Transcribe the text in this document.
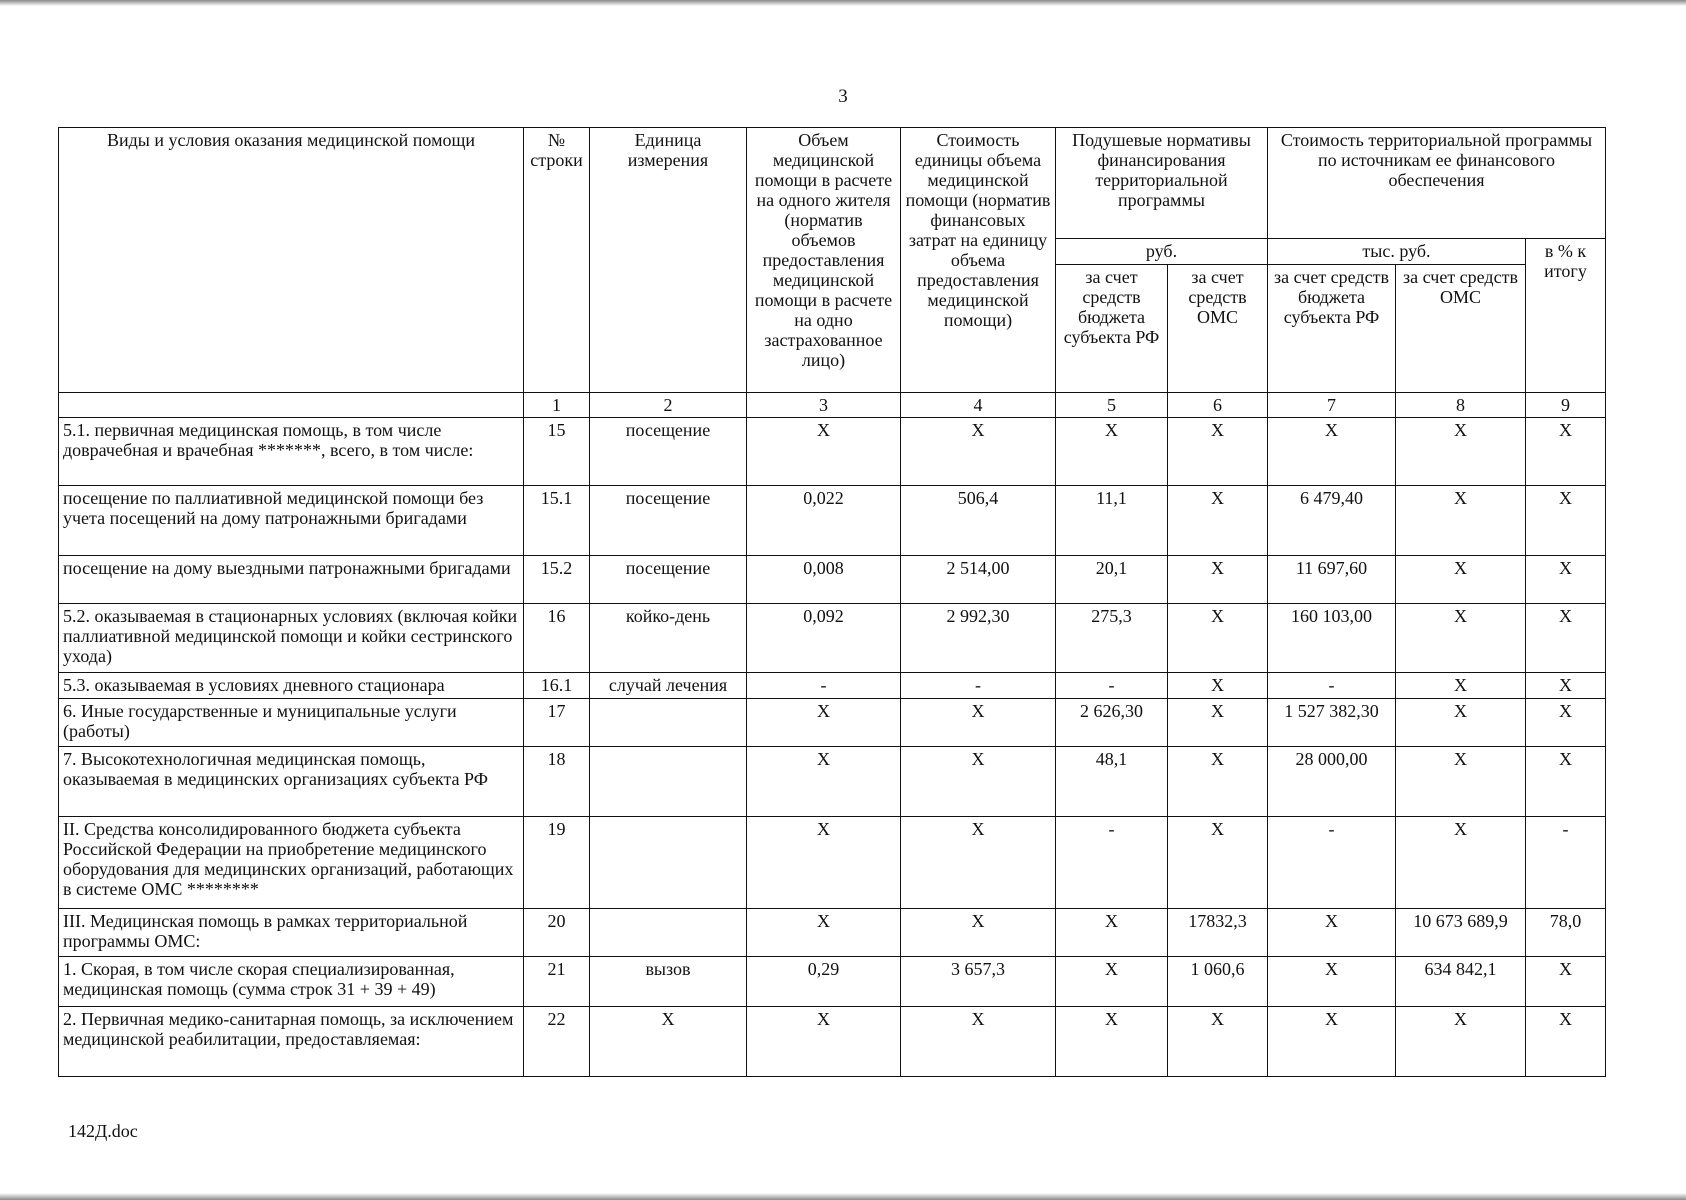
3
Виды и условия оказания медицинской помощи	№ строки	Единица измерения	Объем медицинской помощи в расчете на одного жителя (норматив объемов предоставления медицинской помощи в расчете на одно застрахованное лицо)	Стоимость единицы объема медицинской помощи (норматив финансовых затрат на единицу объема предоставления медицинской помощи)	Подушевые нормативы финансирования территориальной программы		Стоимость территориальной программы по источникам ее финансового обеспечения		
					руб.		тыс. руб.		в % к итогу
					за счет средств бюджета субъекта РФ	за счет средств ОМС	за счет средств бюджета субъекта РФ	за счет средств ОМС	
	1	2	3	4	5	6	7	8	9
5.1. первичная медицинская помощь, в том числе доврачебная и врачебная *******, всего, в том числе:	15	посещение	X	X	X	X	X	X	X
посещение по паллиативной медицинской помощи без учета посещений на дому патронажными бригадами	15.1	посещение	0,022	506,4	11,1	X	6 479,40	X	X
посещение на дому выездными патронажными бригадами	15.2	посещение	0,008	2 514,00	20,1	X	11 697,60	X	X
5.2. оказываемая в стационарных условиях (включая койки паллиативной медицинской помощи и койки сестринского ухода)	16	койко-день	0,092	2 992,30	275,3	X	160 103,00	X	X
5.3. оказываемая в условиях дневного стационара	16.1	случай лечения	-	-	-	X	-	X	X
6. Иные государственные и муниципальные услуги (работы)	17		X	X	2 626,30	X	1 527 382,30	X	X
7. Высокотехнологичная медицинская помощь, оказываемая в медицинских организациях субъекта РФ	18		X	X	48,1	X	28 000,00	X	X
II. Средства консолидированного бюджета субъекта Российской Федерации на приобретение медицинского оборудования для медицинских организаций, работающих в системе ОМС ********	19		X	X	-	X	-	X	-
III. Медицинская помощь в рамках территориальной программы ОМС:	20		X	X	X	17832,3	X	10 673 689,9	78,0
1. Скорая, в том числе скорая специализированная, медицинская помощь (сумма строк 31 + 39 + 49)	21	вызов	0,29	3 657,3	X	1 060,6	X	634 842,1	X
2. Первичная медико-санитарная помощь, за исключением медицинской реабилитации, предоставляемая:	22	X	X	X	X	X	X	X	X
142Д.doc
